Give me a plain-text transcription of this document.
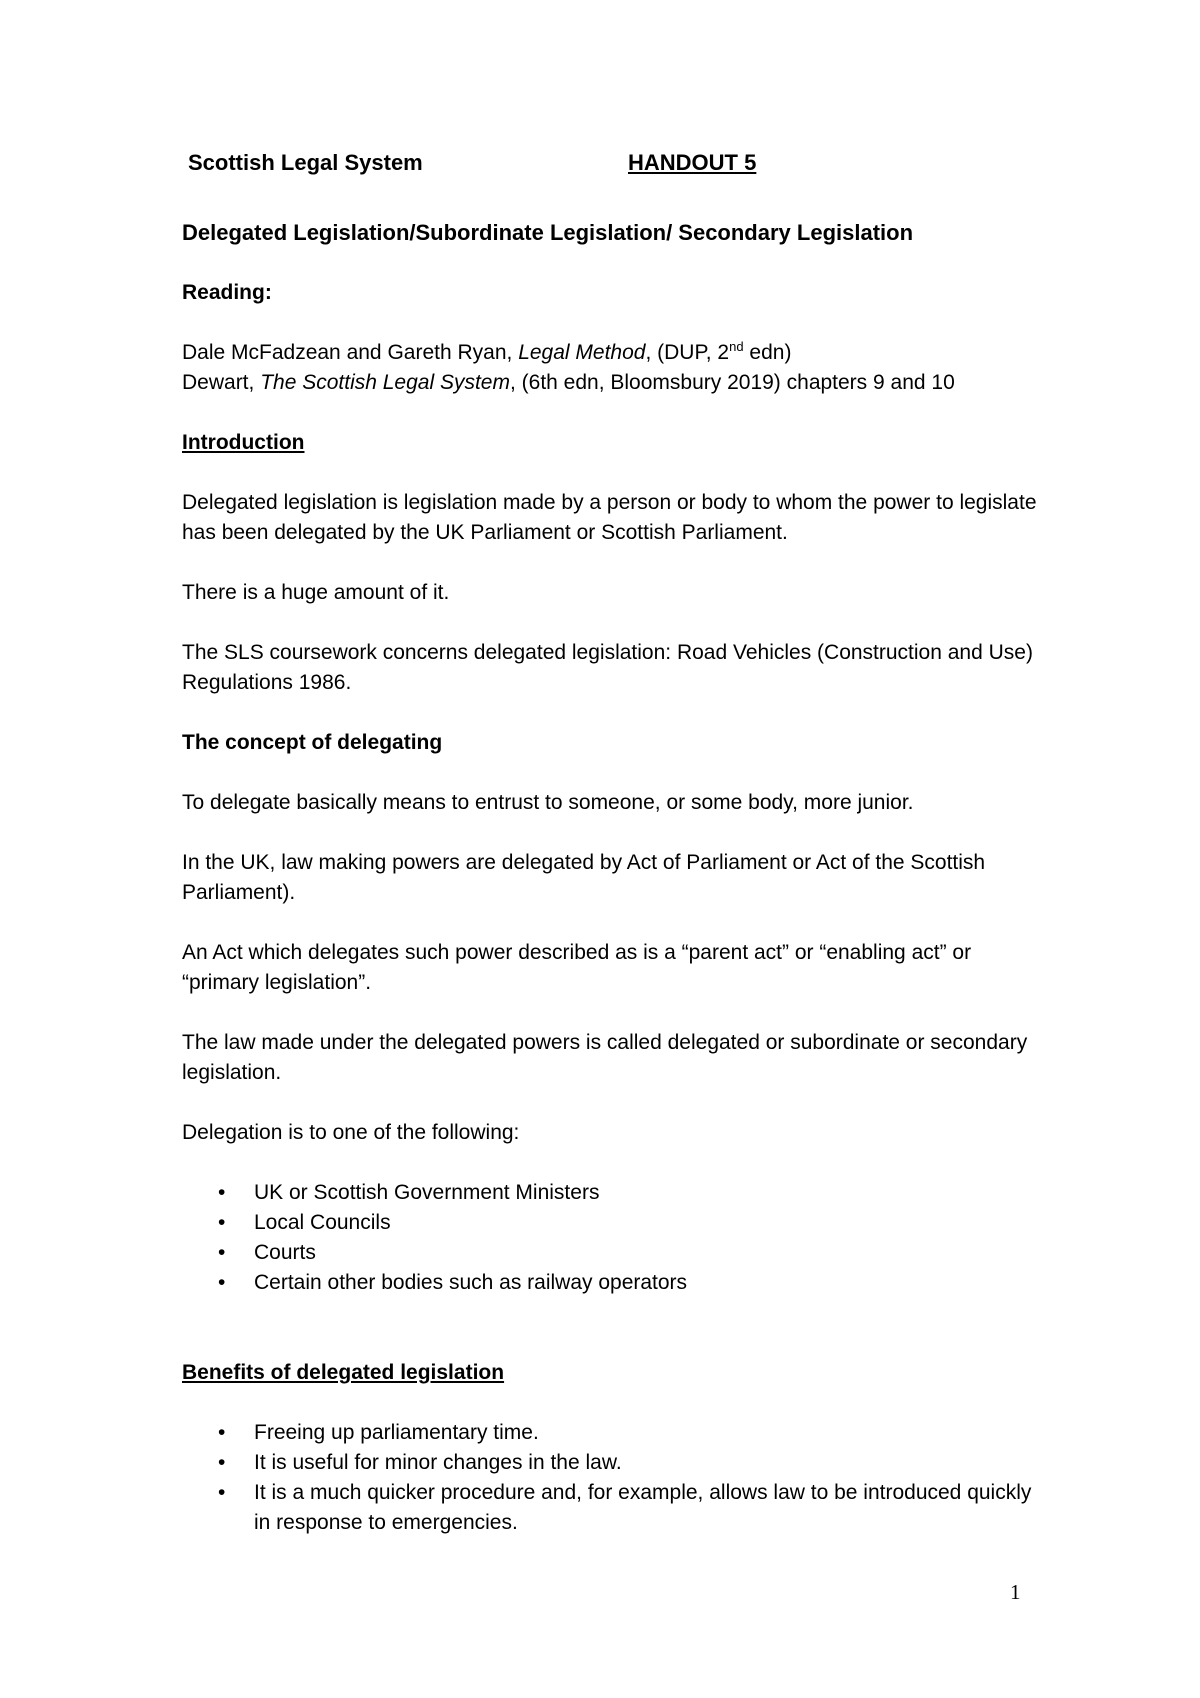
Scottish Legal System	HANDOUT 5
Delegated Legislation/Subordinate Legislation/ Secondary Legislation
Reading:
Dale McFadzean and Gareth Ryan, Legal Method, (DUP, 2nd edn)
Dewart, The Scottish Legal System, (6th edn, Bloomsbury 2019) chapters 9 and 10
Introduction
Delegated legislation is legislation made by a person or body to whom the power to legislate has been delegated by the UK Parliament or Scottish Parliament.
There is a huge amount of it.
The SLS coursework concerns delegated legislation: Road Vehicles (Construction and Use) Regulations 1986.
The concept of delegating
To delegate basically means to entrust to someone, or some body, more junior.
In the UK, law making powers are delegated by Act of Parliament or Act of the Scottish Parliament).
An Act which delegates such power described as is a “parent act” or “enabling act” or “primary legislation”.
The law made under the delegated powers is called delegated or subordinate or secondary legislation.
Delegation is to one of the following:
• UK or Scottish Government Ministers
• Local Councils
• Courts
• Certain other bodies such as railway operators
Benefits of delegated legislation
• Freeing up parliamentary time.
• It is useful for minor changes in the law.
• It is a much quicker procedure and, for example, allows law to be introduced quickly in response to emergencies.
1
